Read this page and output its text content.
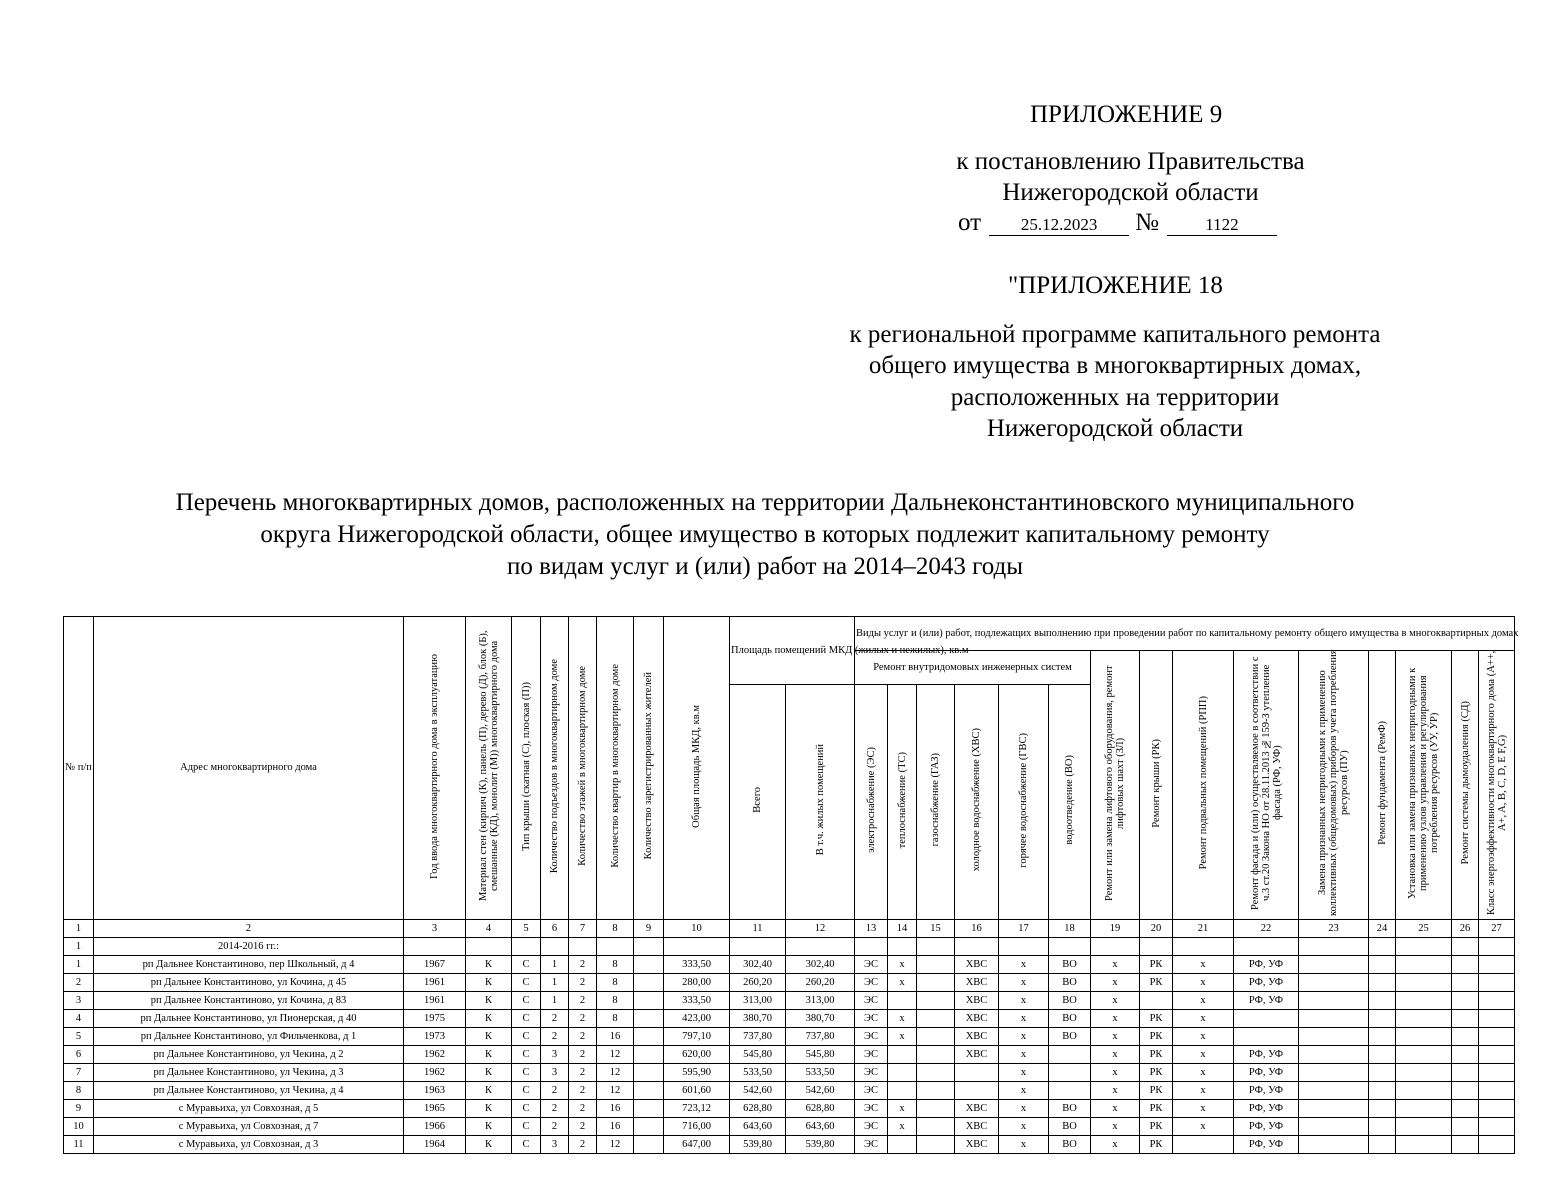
ПРИЛОЖЕНИЕ 9
к постановлению Правительства
Нижегородской области
от 25.12.2023 №	1122
"ПРИЛОЖЕНИЕ 18
к региональной программе капитального ремонта
общего имущества в многоквартирных домах,
расположенных на территории
Нижегородской области
Перечень многоквартирных домов, расположенных на территории Дальнеконстантиновского муниципального
округа Нижегородской области, общее имущество в которых подлежит капитальному ремонту
по видам услуг и (или) работ на 2014–2043 годы
№ п/п	Адрес многоквартирного дома	Год ввода многоквартирного дома в эксплуатацию	Материал стен (кирпич (К), панель (П), дерево (Д), блок (Б), смешанные (КД), монолит (М)) многоквартирного дома	Тип крыши (скатная (С), плоская (П))	Количество подъездов в многоквартирном доме	Количество этажей в многоквартирном доме	Количество квартир в многоквартирном доме	Количество зарегистрированных жителей	Общая площадь МКД, кв.м	Площадь помещений МКД (жилых и нежилых), кв.м		Виды услуг и (или) работ, подлежащих выполнению при проведении работ по капитальному ремонту общего имущества в многоквартирных домах														
												Ремонт внутридомовых инженерных систем						Ремонт или замена лифтового оборудования, ремонт лифтовых шахт (ЗЛ)	Ремонт крыши (РК)	Ремонт подвальных помещений (РПП)	Ремонт фасада и (или) осуществляемое в соответствии с ч.3 ст.20 Закона НО от 28.11.2013 №159-З утепление фасада (РФ, УФ)	Замена признанных непригодными к применению коллективных (общедомовых) приборов учета потребления ресурсов (ПУ)	Ремонт фундамента (РемФ)	Установка или замена признанных непригодными к применению узлов управления и регулирования потребления ресурсов (УУ, УР)	Ремонт системы дымоудаления (СД)	Класс энергоэффективности многоквартирного дома (A++, A+, A, B, C, D, E F,G)
										Всего	В т.ч. жилых помещений	электроснабжение (ЭС)	теплоснабжение (ТС)	газоснабжение (ГАЗ)	холодное водоснабжение (ХВС)	горячее водоснабжение (ГВС)	водоотведение (ВО)									
1	2	3	4	5	6	7	8	9	10	11	12	13	14	15	16	17	18	19	20	21	22	23	24	25	26	27
1	2014-2016 гг.:																									
1	рп Дальнее Константиново, пер Школьный, д 4	1967	К	С	1	2	8		333,50	302,40	302,40	ЭС	x		ХВС	x	ВО	x	РК	x	РФ, УФ					
2	рп Дальнее Константиново, ул Кочина, д 45	1961	К	С	1	2	8		280,00	260,20	260,20	ЭС	x		ХВС	x	ВО	x	РК	x	РФ, УФ					
3	рп Дальнее Константиново, ул Кочина, д 83	1961	К	С	1	2	8		333,50	313,00	313,00	ЭС			ХВС	x	ВО	x		x	РФ, УФ					
4	рп Дальнее Константиново, ул Пионерская, д 40	1975	К	С	2	2	8		423,00	380,70	380,70	ЭС	x		ХВС	x	ВО	x	РК	x						
5	рп Дальнее Константиново, ул Фильченкова, д 1	1973	К	С	2	2	16		797,10	737,80	737,80	ЭС	x		ХВС	x	ВО	x	РК	x						
6	рп Дальнее Константиново, ул Чекина, д 2	1962	К	С	3	2	12		620,00	545,80	545,80	ЭС			ХВС	x		x	РК	x	РФ, УФ					
7	рп Дальнее Константиново, ул Чекина, д 3	1962	К	С	3	2	12		595,90	533,50	533,50	ЭС				x		x	РК	x	РФ, УФ					
8	рп Дальнее Константиново, ул Чекина, д 4	1963	К	С	2	2	12		601,60	542,60	542,60	ЭС				x		x	РК	x	РФ, УФ					
9	с Муравьиха, ул Совхозная, д 5	1965	К	С	2	2	16		723,12	628,80	628,80	ЭС	x		ХВС	x	ВО	x	РК	x	РФ, УФ					
10	с Муравьиха, ул Совхозная, д 7	1966	К	С	2	2	16		716,00	643,60	643,60	ЭС	x		ХВС	x	ВО	x	РК	x	РФ, УФ					
11	с Муравьиха, ул Совхозная, д 3	1964	К	С	3	2	12		647,00	539,80	539,80	ЭС			ХВС	x	ВО	x	РК		РФ, УФ					
